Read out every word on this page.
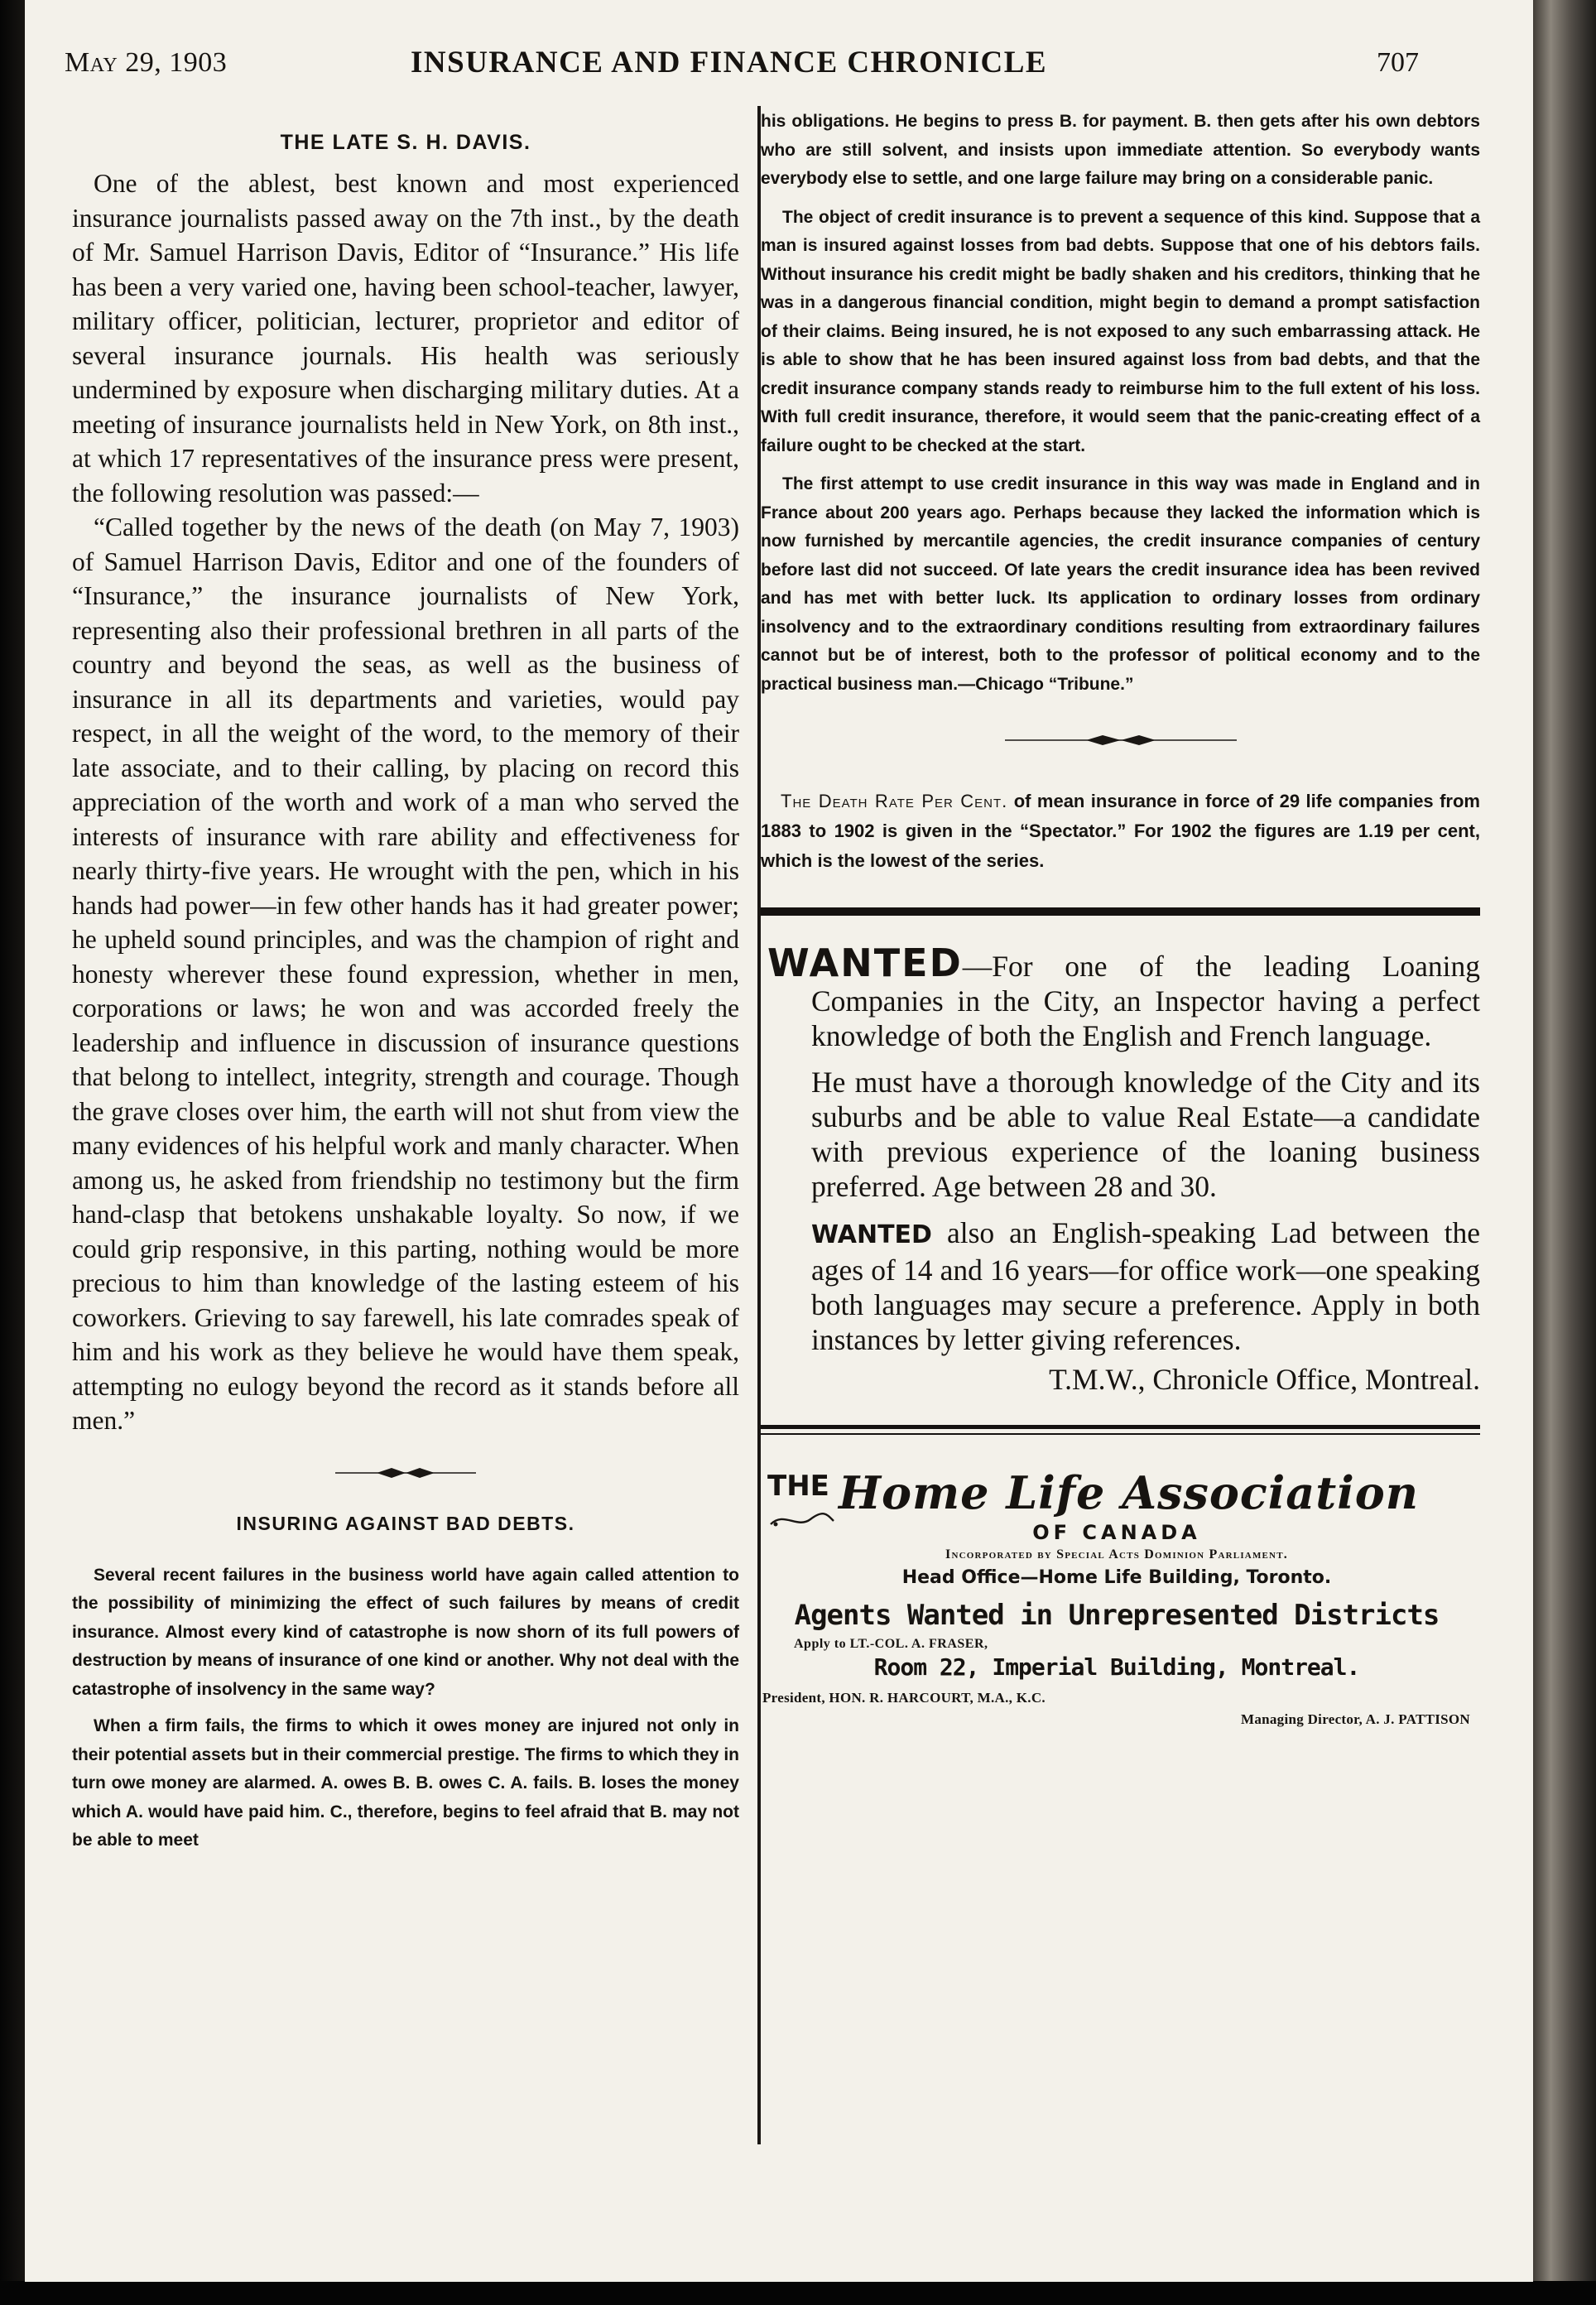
May 29, 1903	INSURANCE AND FINANCE CHRONICLE	707
THE LATE S. H. DAVIS.

One of the ablest, best known and most experienced insurance journalists passed away on the 7th inst., by the death of Mr. Samuel Harrison Davis, Editor of “Insurance.” His life has been a very varied one, having been school-teacher, lawyer, military officer, politician, lecturer, proprietor and editor of several insurance journals. His health was seriously undermined by exposure when discharging military duties. At a meeting of insurance journalists held in New York, on 8th inst., at which 17 representatives of the insurance press were present, the following resolution was passed:—

“Called together by the news of the death (on May 7, 1903) of Samuel Harrison Davis, Editor and one of the founders of “Insurance,” the insurance journalists of New York, representing also their professional brethren in all parts of the country and beyond the seas, as well as the business of insurance in all its departments and varieties, would pay respect, in all the weight of the word, to the memory of their late associate, and to their calling, by placing on record this appreciation of the worth and work of a man who served the interests of insurance with rare ability and effectiveness for nearly thirty-five years. He wrought with the pen, which in his hands had power—in few other hands has it had greater power; he upheld sound principles, and was the champion of right and honesty wherever these found expression, whether in men, corporations or laws; he won and was accorded freely the leadership and influence in discussion of insurance questions that belong to intellect, integrity, strength and courage. Though the grave closes over him, the earth will not shut from view the many evidences of his helpful work and manly character. When among us, he asked from friendship no testimony but the firm hand-clasp that betokens unshakable loyalty. So now, if we could grip responsive, in this parting, nothing would be more precious to him than knowledge of the lasting esteem of his coworkers. Grieving to say farewell, his late comrades speak of him and his work as they believe he would have them speak, attempting no eulogy beyond the record as it stands before all men.”

INSURING AGAINST BAD DEBTS.

Several recent failures in the business world have again called attention to the possibility of minimizing the effect of such failures by means of credit insurance. Almost every kind of catastrophe is now shorn of its full powers of destruction by means of insurance of one kind or another. Why not deal with the catastrophe of insolvency in the same way?

When a firm fails, the firms to which it owes money are injured not only in their potential assets but in their commercial prestige. The firms to which they in turn owe money are alarmed. A. owes B. B. owes C. A. fails. B. loses the money which A. would have paid him. C., therefore, begins to feel afraid that B. may not be able to meet

his obligations. He begins to press B. for payment. B. then gets after his own debtors who are still solvent, and insists upon immediate attention. So everybody wants everybody else to settle, and one large failure may bring on a considerable panic.

The object of credit insurance is to prevent a sequence of this kind. Suppose that a man is insured against losses from bad debts. Suppose that one of his debtors fails. Without insurance his credit might be badly shaken and his creditors, thinking that he was in a dangerous financial condition, might begin to demand a prompt satisfaction of their claims. Being insured, he is not exposed to any such embarrassing attack. He is able to show that he has been insured against loss from bad debts, and that the credit insurance company stands ready to reimburse him to the full extent of his loss. With full credit insurance, therefore, it would seem that the panic-creating effect of a failure ought to be checked at the start.

The first attempt to use credit insurance in this way was made in England and in France about 200 years ago. Perhaps because they lacked the information which is now furnished by mercantile agencies, the credit insurance companies of century before last did not succeed. Of late years the credit insurance idea has been revived and has met with better luck. Its application to ordinary losses from ordinary insolvency and to the extraordinary conditions resulting from extraordinary failures cannot but be of interest, both to the professor of political economy and to the practical business man.—Chicago “Tribune.”

The Death Rate Per Cent. of mean insurance in force of 29 life companies from 1883 to 1902 is given in the “Spectator.” For 1902 the figures are 1.19 per cent, which is the lowest of the series.

WANTED—For one of the leading Loaning Companies in the City, an Inspector having a perfect knowledge of both the English and French language.

He must have a thorough knowledge of the City and its suburbs and be able to value Real Estate—a candidate with previous experience of the loaning business preferred. Age between 28 and 30.

WANTED also an English-speaking Lad between the ages of 14 and 16 years—for office work—one speaking both languages may secure a preference. Apply in both instances by letter giving references.

T.M.W., Chronicle Office, Montreal.

THE Home Life Association
OF CANADA
Incorporated by Special Acts Dominion Parliament.
Head Office—Home Life Building, Toronto.
Agents Wanted in Unrepresented Districts
Apply to LT.-COL. A. FRASER,
Room 22, Imperial Building, Montreal.
President, HON. R. HARCOURT, M.A., K.C.
Managing Director, A. J. PATTISON
